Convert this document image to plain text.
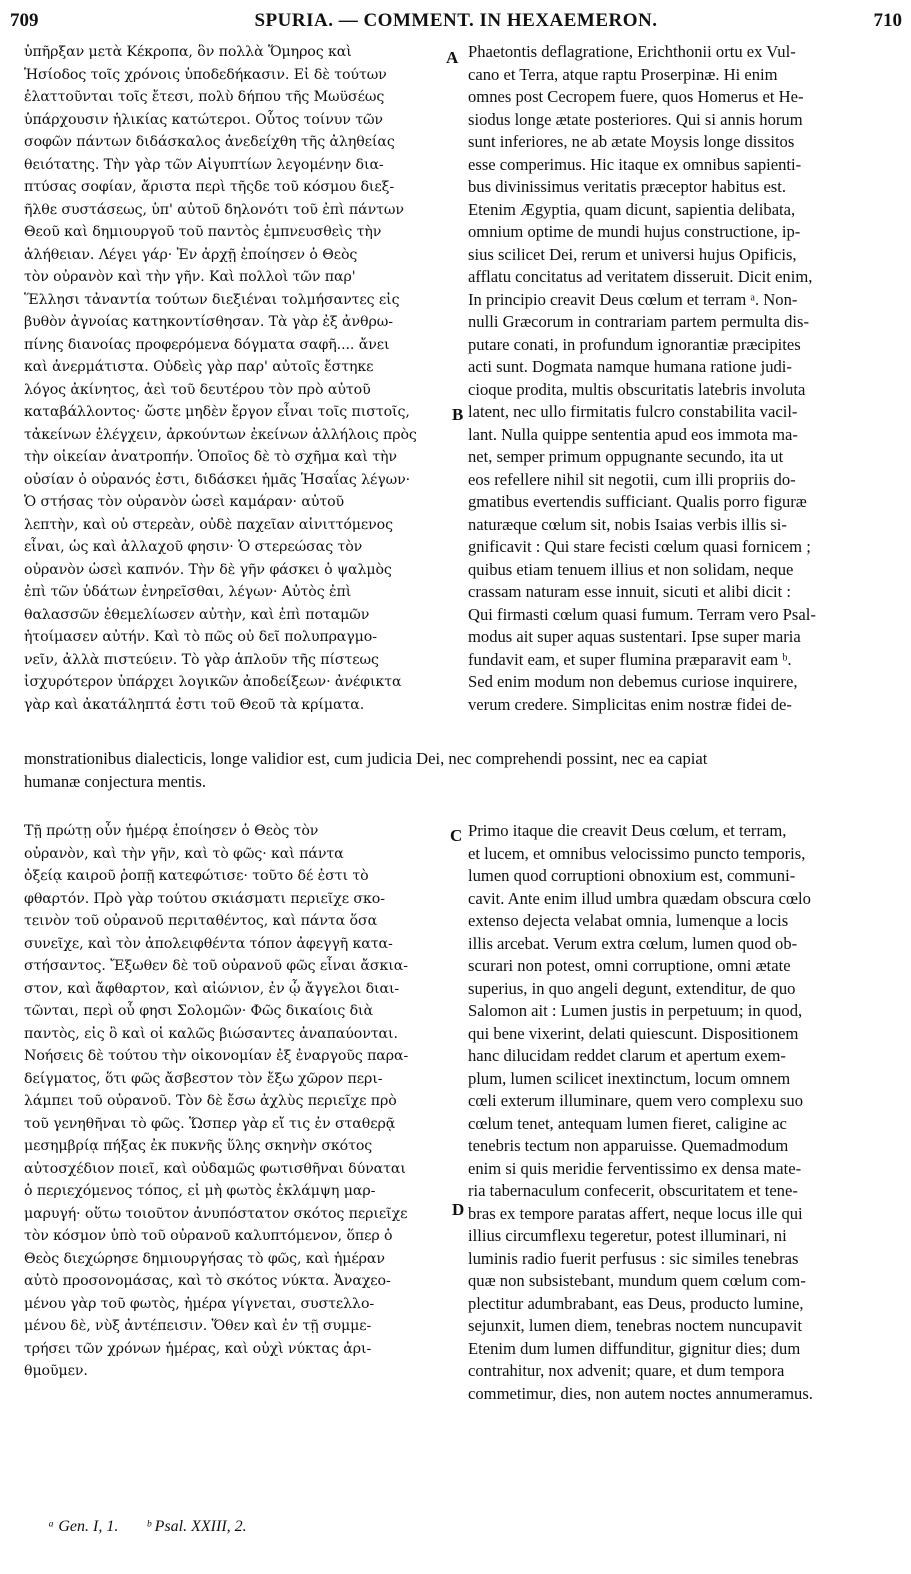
709	SPURIA. — COMMENT. IN HEXAEMERON.	710
A
B
C
D
ὑπῆρξαν μετὰ Κέκροπα, ὃν πολλὰ Ὅμηρος καὶ
Ἡσίοδος τοῖς χρόνοις ὑποδεδήκασιν. Εἰ δὲ τούτων
ἐλαττοῦνται τοῖς ἔτεσι, πολὺ δήπου τῆς Μωϋσέως
ὑπάρχουσιν ἡλικίας κατώτεροι. Οὗτος τοίνυν τῶν
σοφῶν πάντων διδάσκαλος ἀνεδείχθη τῆς ἀληθείας
θειότατης. Τὴν γὰρ τῶν Αἰγυπτίων λεγομένην δια-
πτύσας σοφίαν, ἄριστα περὶ τῆςδε τοῦ κόσμου διεξ-
ῆλθε συστάσεως, ὑπ' αὐτοῦ δηλονότι τοῦ ἐπὶ πάντων
Θεοῦ καὶ δημιουργοῦ τοῦ παντὸς ἐμπνευσθεὶς τὴν
ἀλήθειαν. Λέγει γάρ· Ἐν ἀρχῇ ἐποίησεν ὁ Θεὸς
τὸν οὐρανὸν καὶ τὴν γῆν. Καὶ πολλοὶ τῶν παρ'
Ἕλλησι τἀναντία τούτων διεξιέναι τολμήσαντες εἰς
βυθὸν ἀγνοίας κατηκοντίσθησαν. Τὰ γὰρ ἐξ ἀνθρω-
πίνης διανοίας προφερόμενα δόγματα σαφῆ.... ἄνει
καὶ ἀνερμάτιστα. Οὐδεὶς γὰρ παρ' αὐτοῖς ἔστηκε
λόγος ἀκίνητος, ἀεὶ τοῦ δευτέρου τὸν πρὸ αὐτοῦ
καταβάλλοντος· ὥστε μηδὲν ἔργον εἶναι τοῖς πιστοῖς,
τἀκείνων ἐλέγχειν, ἀρκούντων ἐκείνων ἀλλήλοις πρὸς
τὴν οἰκείαν ἀνατροπήν. Ὁποῖος δὲ τὸ σχῆμα καὶ τὴν
οὐσίαν ὁ οὐρανός ἐστι, διδάσκει ἡμᾶς Ἡσαΐας λέγων·
Ὁ στήσας τὸν οὐρανὸν ὡσεὶ καμάραν· αὐτοῦ
λεπτὴν, καὶ οὐ στερεὰν, οὐδὲ παχεῖαν αἰνιττόμενος
εἶναι, ὡς καὶ ἀλλαχοῦ φησιν· Ὁ στερεώσας τὸν
οὐρανὸν ὡσεὶ καπνόν. Τὴν δὲ γῆν φάσκει ὁ ψαλμὸς
ἐπὶ τῶν ὑδάτων ἐνηρεῖσθαι, λέγων· Αὐτὸς ἐπὶ
θαλασσῶν ἐθεμελίωσεν αὐτὴν, καὶ ἐπὶ ποταμῶν
ἡτοίμασεν αὐτήν. Καὶ τὸ πῶς οὐ δεῖ πολυπραγμο-
νεῖν, ἀλλὰ πιστεύειν. Τὸ γὰρ ἁπλοῦν τῆς πίστεως
ἰσχυρότερον ὑπάρχει λογικῶν ἀποδείξεων· ἀνέφικτα
γὰρ καὶ ἀκατάληπτά ἐστι τοῦ Θεοῦ τὰ κρίματα.
Phaetontis deflagratione, Erichthonii ortu ex Vul-
cano et Terra, atque raptu Proserpinæ. Hi enim
omnes post Cecropem fuere, quos Homerus et He-
siodus longe ætate posteriores. Qui si annis horum
sunt inferiores, ne ab ætate Moysis longe dissitos
esse comperimus. Hic itaque ex omnibus sapienti-
bus divinissimus veritatis præceptor habitus est.
Etenim Ægyptia, quam dicunt, sapientia delibata,
omnium optime de mundi hujus constructione, ip-
sius scilicet Dei, rerum et universi hujus Opificis,
afflatu concitatus ad veritatem disseruit. Dicit enim,
In principio creavit Deus cœlum et terram ᵃ. Non-
nulli Græcorum in contrariam partem permulta dis-
putare conati, in profundum ignorantiæ præcipites
acti sunt. Dogmata namque humana ratione judi-
cioque prodita, multis obscuritatis latebris involuta
latent, nec ullo firmitatis fulcro constabilita vacil-
lant. Nulla quippe sententia apud eos immota ma-
net, semper primum oppugnante secundo, ita ut
eos refellere nihil sit negotii, cum illi propriis do-
gmatibus evertendis sufficiant. Qualis porro figuræ
naturæque cœlum sit, nobis Isaias verbis illis si-
gnificavit : Qui stare fecisti cœlum quasi fornicem ;
quibus etiam tenuem illius et non solidam, neque
crassam naturam esse innuit, sicuti et alibi dicit :
Qui firmasti cœlum quasi fumum. Terram vero Psal-
modus ait super aquas sustentari. Ipse super maria
fundavit eam, et super flumina præparavit eam ᵇ.
Sed enim modum non debemus curiose inquirere,
verum credere. Simplicitas enim nostræ fidei de-
monstrationibus dialecticis, longe validior est, cum judicia Dei, nec comprehendi possint, nec ea capiat
humanæ conjectura mentis.
Τῇ πρώτῃ οὖν ἡμέρᾳ ἐποίησεν ὁ Θεὸς τὸν
οὐρανὸν, καὶ τὴν γῆν, καὶ τὸ φῶς· καὶ πάντα
ὀξείᾳ καιροῦ ῥοπῇ κατεφώτισε· τοῦτο δέ ἐστι τὸ
φθαρτόν. Πρὸ γὰρ τούτου σκιάσματι περιεῖχε σκο-
τεινὸν τοῦ οὐρανοῦ περιταθέντος, καὶ πάντα ὅσα
συνεῖχε, καὶ τὸν ἀπολειφθέντα τόπον ἀφεγγῆ κατα-
στήσαντος. Ἔξωθεν δὲ τοῦ οὐρανοῦ φῶς εἶναι ἄσκια-
στον, καὶ ἄφθαρτον, καὶ αἰώνιον, ἐν ᾧ ἄγγελοι διαι-
τῶνται, περὶ οὗ φησι Σολομῶν· Φῶς δικαίοις διὰ
παντὸς, εἰς ὃ καὶ οἱ καλῶς βιώσαντες ἀναπαύονται.
Νοήσεις δὲ τούτου τὴν οἰκονομίαν ἐξ ἐναργοῦς παρα-
δείγματος, ὅτι φῶς ἄσβεστον τὸν ἔξω χῶρον περι-
λάμπει τοῦ οὐρανοῦ. Τὸν δὲ ἔσω ἀχλὺς περιεῖχε πρὸ
τοῦ γενηθῆναι τὸ φῶς. Ὥσπερ γὰρ εἴ τις ἐν σταθερᾷ
μεσημβρίᾳ πήξας ἐκ πυκνῆς ὕλης σκηνὴν σκότος
αὐτοσχέδιον ποιεῖ, καὶ οὐδαμῶς φωτισθῆναι δύναται
ὁ περιεχόμενος τόπος, εἰ μὴ φωτὸς ἐκλάμψη μαρ-
μαρυγή· οὕτω τοιοῦτον ἀνυπόστατον σκότος περιεῖχε
τὸν κόσμον ὑπὸ τοῦ οὐρανοῦ καλυπτόμενον, ὅπερ ὁ
Θεὸς διεχώρησε δημιουργήσας τὸ φῶς, καὶ ἡμέραν
αὐτὸ προσονομάσας, καὶ τὸ σκότος νύκτα. Ἀναχεο-
μένου γὰρ τοῦ φωτὸς, ἡμέρα γίγνεται, συστελλο-
μένου δὲ, νὺξ ἀντέπεισιν. Ὅθεν καὶ ἐν τῇ συμμε-
τρήσει τῶν χρόνων ἡμέρας, καὶ οὐχὶ νύκτας ἀρι-
θμοῦμεν.
Primo itaque die creavit Deus cœlum, et terram,
et lucem, et omnibus velocissimo puncto temporis,
lumen quod corruptioni obnoxium est, communi-
cavit. Ante enim illud umbra quædam obscura cœlo
extenso dejecta velabat omnia, lumenque a locis
illis arcebat. Verum extra cœlum, lumen quod ob-
scurari non potest, omni corruptione, omni ætate
superius, in quo angeli degunt, extenditur, de quo
Salomon ait : Lumen justis in perpetuum; in quod,
qui bene vixerint, delati quiescunt. Dispositionem
hanc dilucidam reddet clarum et apertum exem-
plum, lumen scilicet inextinctum, locum omnem
cœli exterum illuminare, quem vero complexu suo
cœlum tenet, antequam lumen fieret, caligine ac
tenebris tectum non apparuisse. Quemadmodum
enim si quis meridie ferventissimo ex densa mate-
ria tabernaculum confecerit, obscuritatem et tene-
bras ex tempore paratas affert, neque locus ille qui
illius circumflexu tegeretur, potest illuminari, ni
luminis radio fuerit perfusus : sic similes tenebras
quæ non subsistebant, mundum quem cœlum com-
plectitur adumbrabant, eas Deus, producto lumine,
sejunxit, lumen diem, tenebras noctem nuncupavit
Etenim dum lumen diffunditur, gignitur dies; dum
contrahitur, nox advenit; quare, et dum tempora
commetimur, dies, non autem noctes annumeramus.
ᵃ Gen. I, 1. ᵇ Psal. XXIII, 2.
